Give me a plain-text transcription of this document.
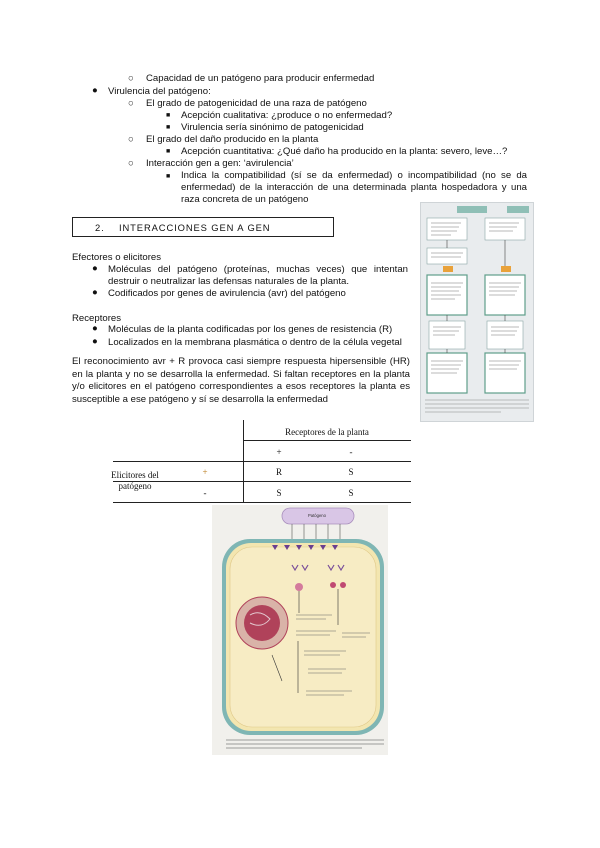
○ Capacidad de un patógeno para producir enfermedad
● Virulencia del patógeno:
○ El grado de patogenicidad de una raza de patógeno
■ Acepción cualitativa: ¿produce o no enfermedad?
■ Virulencia sería sinónimo de patogenicidad
○ El grado del daño producido en la planta
■ Acepción cuantitativa: ¿Qué daño ha producido en la planta: severo, leve…?
○ Interacción gen a gen: ‘avirulencia’
■ Indica la compatibilidad (sí se da enfermedad) o incompatibilidad (no se da enfermedad) de la interacción de una determinada planta hospedadora y una raza concreta de un patógeno
2. INTERACCIONES GEN A GEN
Efectores o elicitores
● Moléculas del patógeno (proteínas, muchas veces) que intentan destruir o neutralizar las defensas naturales de la planta.
● Codificados por genes de avirulencia (avr) del patógeno
Receptores
● Moléculas de la planta codificadas por los genes de resistencia (R)
● Localizados en la membrana plasmática o dentro de la célula vegetal
El reconocimiento avr + R provoca casi siempre respuesta hipersensible (HR) en la planta y no se desarrolla la enfermedad. Si faltan receptores en la planta y/o elicitores en el patógeno correspondientes a esos receptores la planta es susceptible a ese patógeno y sí se desarrolla la enfermedad
Receptores de la planta
+	-
Elicitores del patógeno
+	R	S
-	S	S
Patógeno
